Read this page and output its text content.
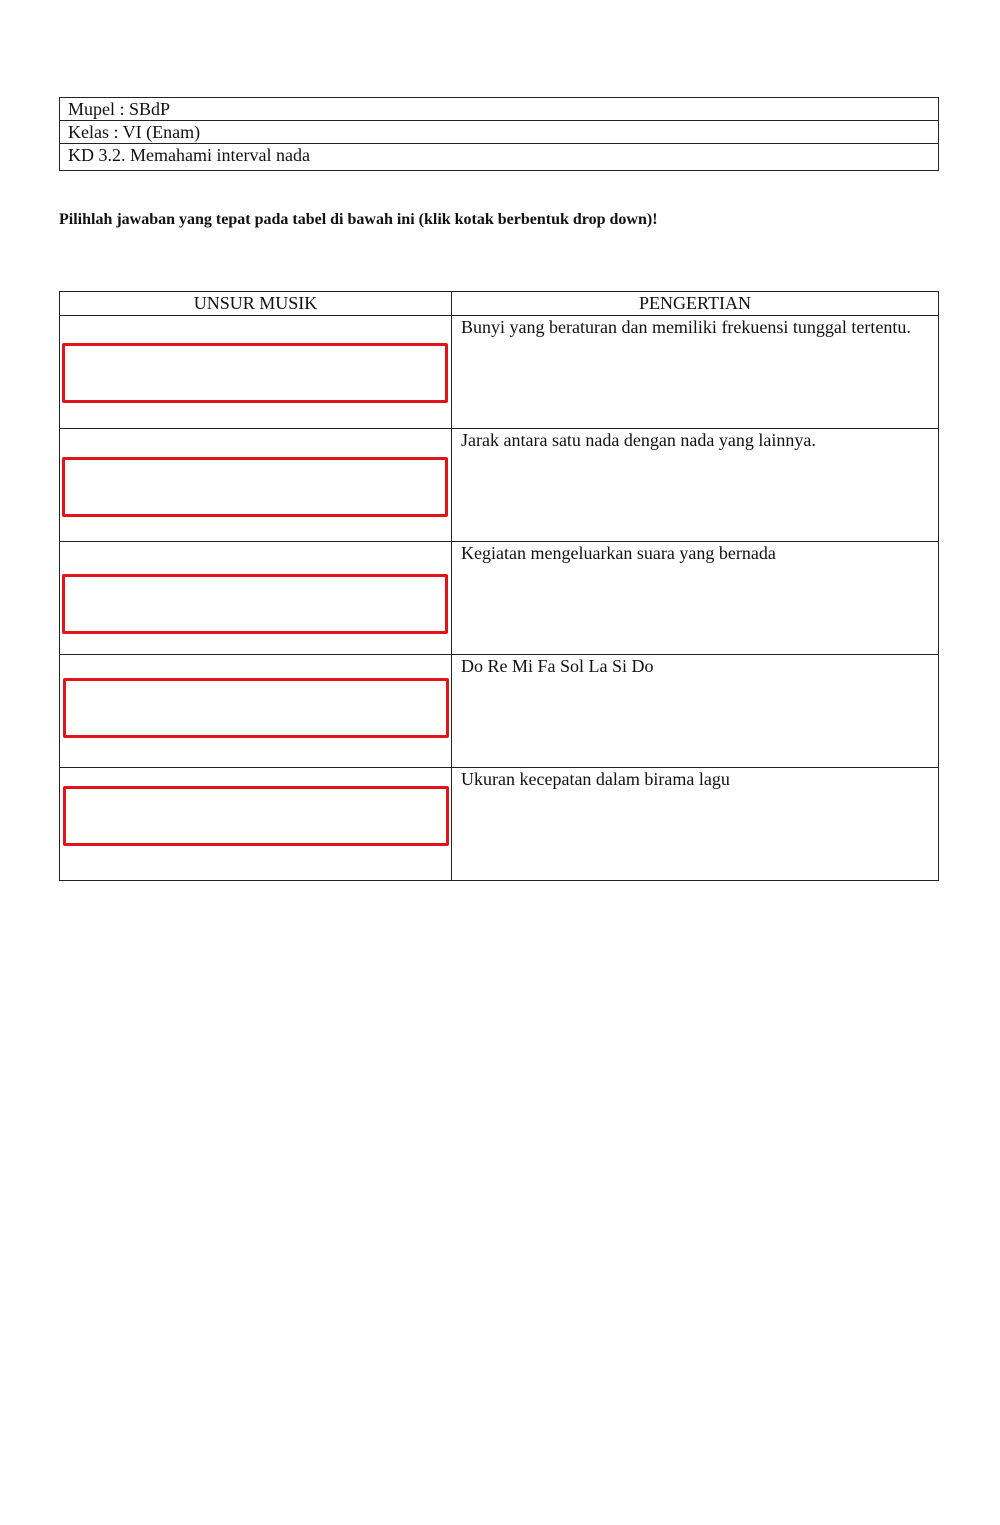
Mupel : SBdP
Kelas : VI (Enam)
KD 3.2. Memahami interval nada
Pilihlah jawaban yang tepat pada tabel di bawah ini (klik kotak berbentuk drop down)!
UNSUR MUSIK	PENGERTIAN

	Bunyi yang beraturan dan memiliki frekuensi tunggal tertentu.

	Jarak antara satu nada dengan nada yang lainnya.

	Kegiatan mengeluarkan suara yang bernada

	Do Re Mi Fa Sol La Si Do

	Ukuran kecepatan dalam birama lagu
